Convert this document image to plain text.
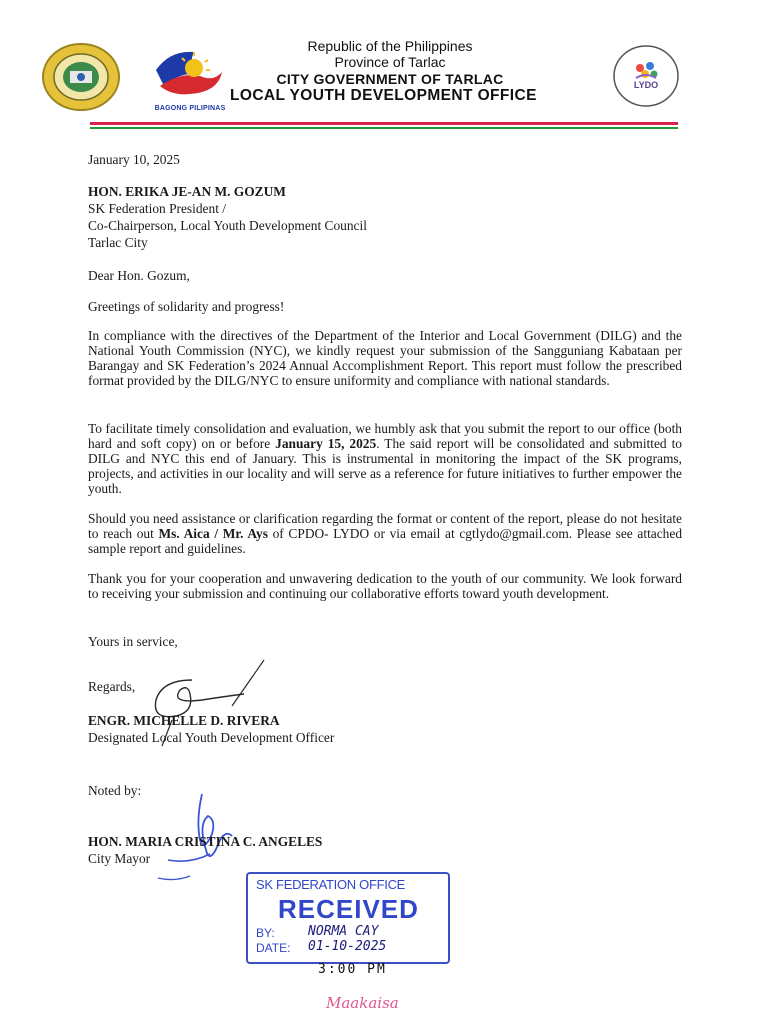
BAGONG PILIPINAS
Republic of the Philippines
Province of Tarlac
CITY GOVERNMENT OF TARLAC
LOCAL YOUTH DEVELOPMENT OFFICE
LYDO
January 10, 2025
HON. ERIKA JE-AN M. GOZUM
SK Federation President /
Co-Chairperson, Local Youth Development Council
Tarlac City
Dear Hon. Gozum,
Greetings of solidarity and progress!
In compliance with the directives of the Department of the Interior and Local Government (DILG) and the National Youth Commission (NYC), we kindly request your submission of the Sangguniang Kabataan per Barangay and SK Federation’s 2024 Annual Accomplishment Report. This report must follow the prescribed format provided by the DILG/NYC to ensure uniformity and compliance with national standards.
To facilitate timely consolidation and evaluation, we humbly ask that you submit the report to our office (both hard and soft copy) on or before January 15, 2025. The said report will be consolidated and submitted to DILG and NYC this end of January. This is instrumental in monitoring the impact of the SK programs, projects, and activities in our locality and will serve as a reference for future initiatives to further empower the youth.
Should you need assistance or clarification regarding the format or content of the report, please do not hesitate to reach out Ms. Aica / Mr. Ays of CPDO- LYDO or via email at cgtlydo@gmail.com. Please see attached sample report and guidelines.
Thank you for your cooperation and unwavering dedication to the youth of our community. We look forward to receiving your submission and continuing our collaborative efforts toward youth development.
Yours in service,
Regards,
ENGR. MICHELLE D. RIVERA
Designated Local Youth Development Officer
Noted by:
HON. MARIA CRISTINA C. ANGELES
City Mayor
SK FEDERATION OFFICE
RECEIVED
BY:	NORMA CAY
DATE: 01-10-2025
3:00 PM
Maakaisa
